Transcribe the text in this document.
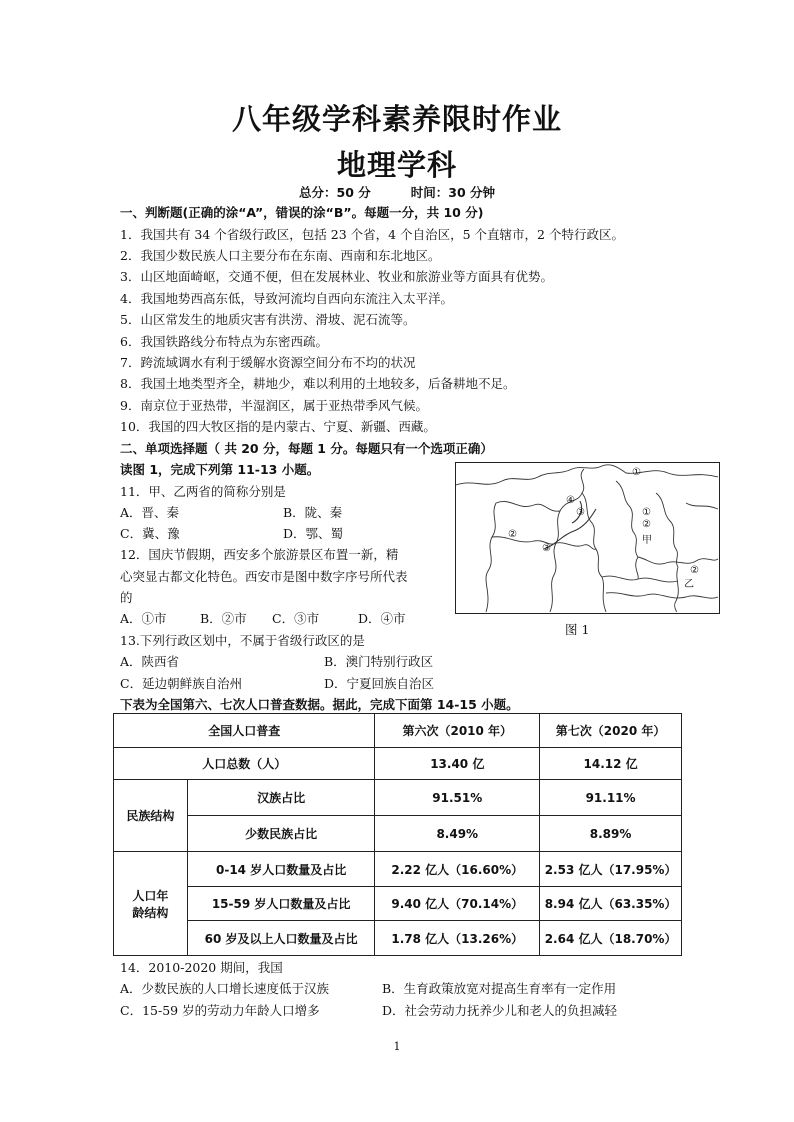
八年级学科素养限时作业
地理学科
总分：50 分	时间：30 分钟
一、判断题(正确的涂“A”，错误的涂“B”。每题一分，共 10 分)
1．我国共有 34 个省级行政区，包括 23 个省，4 个自治区，5 个直辖市，2 个特行政区。
2．我国少数民族人口主要分布在东南、西南和东北地区。
3．山区地面崎岖，交通不便，但在发展林业、牧业和旅游业等方面具有优势。
4．我国地势西高东低，导致河流均自西向东流注入太平洋。
5．山区常发生的地质灾害有洪涝、滑坡、泥石流等。
6．我国铁路线分布特点为东密西疏。
7．跨流域调水有利于缓解水资源空间分布不均的状况
8．我国土地类型齐全，耕地少，难以利用的土地较多，后备耕地不足。
9．南京位于亚热带，半湿润区，属于亚热带季风气候。
10．我国的四大牧区指的是内蒙古、宁夏、新疆、西藏。
二、单项选择题（ 共 20 分，每题 1 分。每题只有一个选项正确）
读图 1，完成下列第 11-13 小题。
11．甲、乙两省的简称分别是
A．晋、秦	B．陇、秦
C．冀、豫	D．鄂、蜀
12．国庆节假期，西安多个旅游景区布置一新，精
心突显古都文化特色。西安市是图中数字序号所代表
的
A．①市	B．②市 C．③市	D．④市
13.下列行政区划中，不属于省级行政区的是
A．陕西省	B．澳门特别行政区
C．延边朝鲜族自治州	D．宁夏回族自治区
①
④
③	①
②
甲
②
③
②
乙
图 1
下表为全国第六、七次人口普查数据。据此，完成下面第 14-15 小题。
全国人口普查		第六次（2010 年）	第七次（2020 年）
人口总数（人）		13.40 亿	14.12 亿
民族结构	汉族占比	91.51%	91.11%
	少数民族占比	8.49%	8.89%

人口年
龄结构	0-14 岁人口数量及占比	2.22 亿人（16.60%）	2.53 亿人（17.95%）
	15-59 岁人口数量及占比	9.40 亿人（70.14%）	8.94 亿人（63.35%）
	60 岁及以上人口数量及占比	1.78 亿人（13.26%）	2.64 亿人（18.70%）
14．2010-2020 期间，我国
A．少数民族的人口增长速度低于汉族	B．生育政策放宽对提高生育率有一定作用
C．15-59 岁的劳动力年龄人口增多	D．社会劳动力抚养少儿和老人的负担减轻
1
